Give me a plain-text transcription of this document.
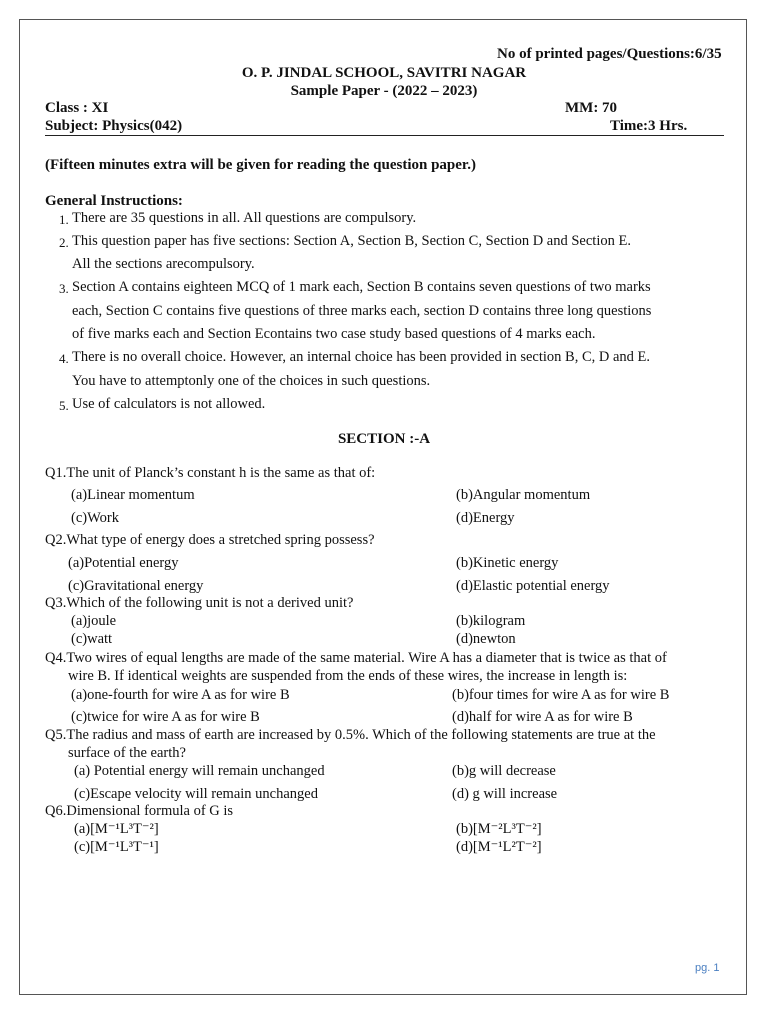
No of printed pages/Questions:6/35
O. P. JINDAL SCHOOL, SAVITRI NAGAR
Sample Paper - (2022 – 2023)
Class : XI	MM: 70
Subject: Physics(042)	Time:3 Hrs.
(Fifteen minutes extra will be given for reading the question paper.)
General Instructions:
1. There are 35 questions in all. All questions are compulsory.
2. This question paper has five sections: Section A, Section B, Section C, Section D and Section E.
All the sections arecompulsory.
3. Section A contains eighteen MCQ of 1 mark each, Section B contains seven questions of two marks
each, Section C contains five questions of three marks each, section D contains three long questions
of five marks each and Section Econtains two case study based questions of 4 marks each.
4. There is no overall choice. However, an internal choice has been provided in section B, C, D and E.
You have to attemptonly one of the choices in such questions.
5. Use of calculators is not allowed.
SECTION :-A
Q1.The unit of Planck’s constant h is the same as that of:
(a)Linear momentum	(b)Angular momentum
(c)Work	(d)Energy
Q2.What type of energy does a stretched spring possess?
(a)Potential energy	(b)Kinetic energy
(c)Gravitational energy	(d)Elastic potential energy
Q3.Which of the following unit is not a derived unit?
(a)joule	(b)kilogram
(c)watt	(d)newton
Q4.Two wires of equal lengths are made of the same material. Wire A has a diameter that is twice as that of
wire B. If identical weights are suspended from the ends of these wires, the increase in length is:
(a)one-fourth for wire A as for wire B	(b)four times for wire A as for wire B
(c)twice for wire A as for wire B	(d)half for wire A as for wire B
Q5.The radius and mass of earth are increased by 0.5%. Which of the following statements are true at the
surface of the earth?
(a) Potential energy will remain unchanged	(b)g will decrease
(c)Escape velocity will remain unchanged	(d) g will increase
Q6.Dimensional formula of G is
(a)[M⁻¹L³T⁻²]	(b)[M⁻²L³T⁻²]
(c)[M⁻¹L³T⁻¹]	(d)[M⁻¹L²T⁻²]
pg. 1
